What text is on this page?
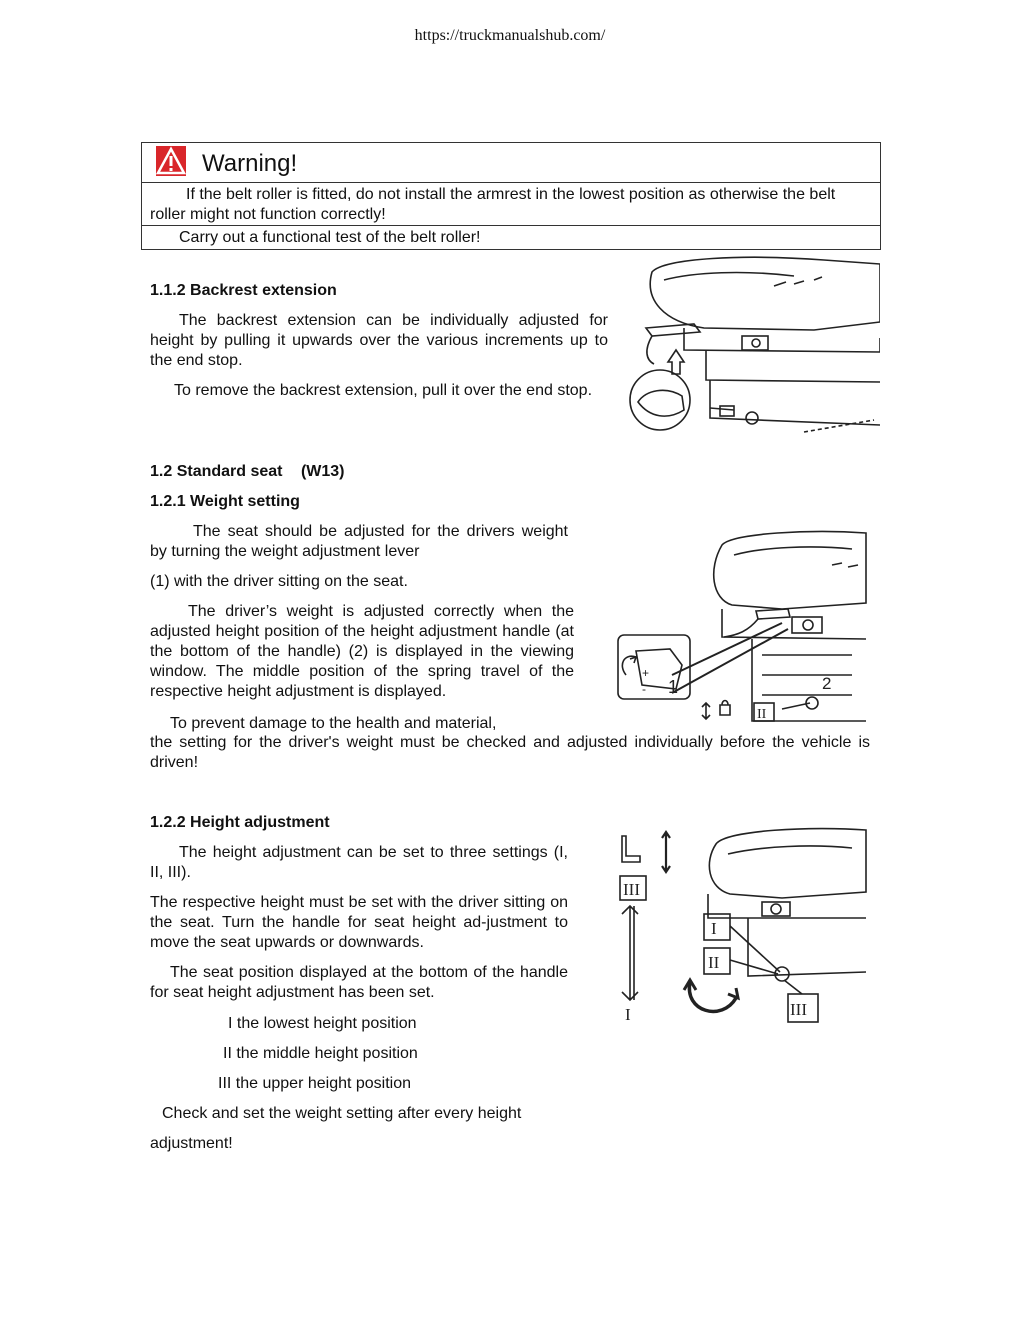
https://truckmanualshub.com/
Warning!
If the belt roller is fitted, do not install the armrest in the lowest position as otherwise the belt roller might not function correctly!
Carry out a functional test of the belt roller!
1.1.2 Backrest extension
The backrest extension can be individually adjusted for height by pulling it upwards over the various increments up to the end stop.
To remove the backrest extension, pull it over the end stop.
1.2 Standard seat (W13)
1.2.1 Weight setting
The seat should be adjusted for the drivers weight by turning the weight adjustment lever
(1) with the driver sitting on the seat.
The driver’s weight is adjusted correctly when the adjusted height position of the height adjustment handle (at the bottom of the handle) (2) is displayed in the viewing window. The middle position of the spring travel of the respective height adjustment is displayed.
To prevent damage to the health and material,
the setting for the driver's weight must be checked and adjusted individually before the vehicle is driven!
1
+
-	2
II
1.2.2 Height adjustment
The height adjustment can be set to three settings (I, II, III).
The respective height must be set with the driver sitting on the seat. Turn the handle for seat height ad-justment to move the seat upwards or downwards.
The seat position displayed at the bottom of the handle for seat height adjustment has been set.
I the lowest height position
II the middle height position
III the upper height position
Check and set the weight setting after every height
adjustment!
III
I
I
II
III
